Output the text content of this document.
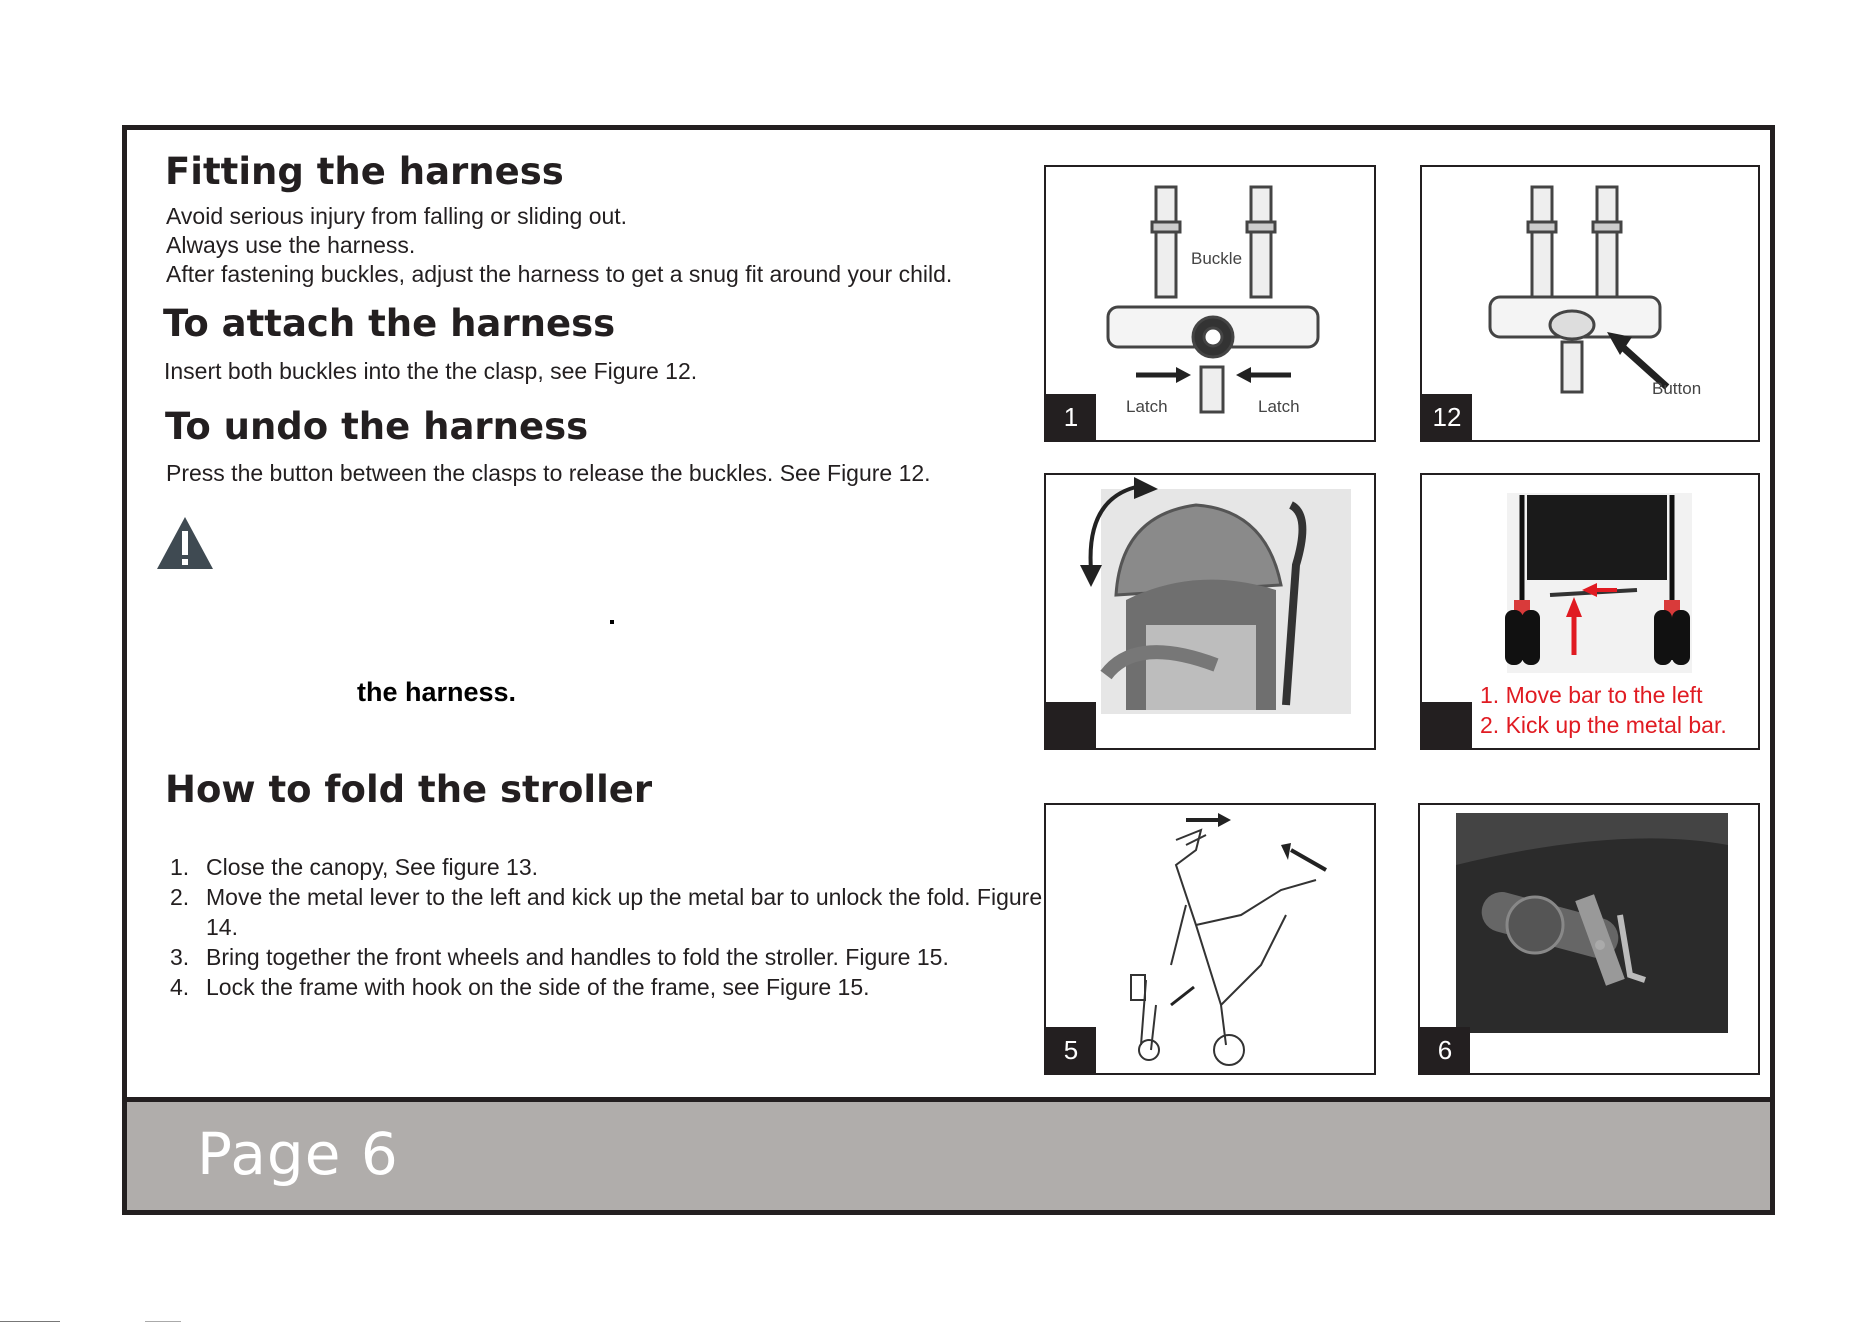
Fitting the harness

Avoid serious injury from falling or sliding out.

Always use the harness.

After fastening buckles, adjust the harness to get a snug fit around your child.

To attach the harness

Insert both buckles into the the clasp, see Figure 12.

To undo the harness

Press the button between the clasps to release the buckles. See Figure 12.

How to fold the stroller
Buckle
Latch	Latch
1
Button
12
1. Move bar to the left
2. Kick up the metal bar.
5	6
Page 6
the harness.
1. Close the canopy, See figure 13.
2. Move the metal lever to the left and kick up the metal bar to unlock the fold. Figure 14.
3. Bring together the front wheels and handles to fold the stroller. Figure 15.
4. Lock the frame with hook on the side of the frame, see Figure 15.
